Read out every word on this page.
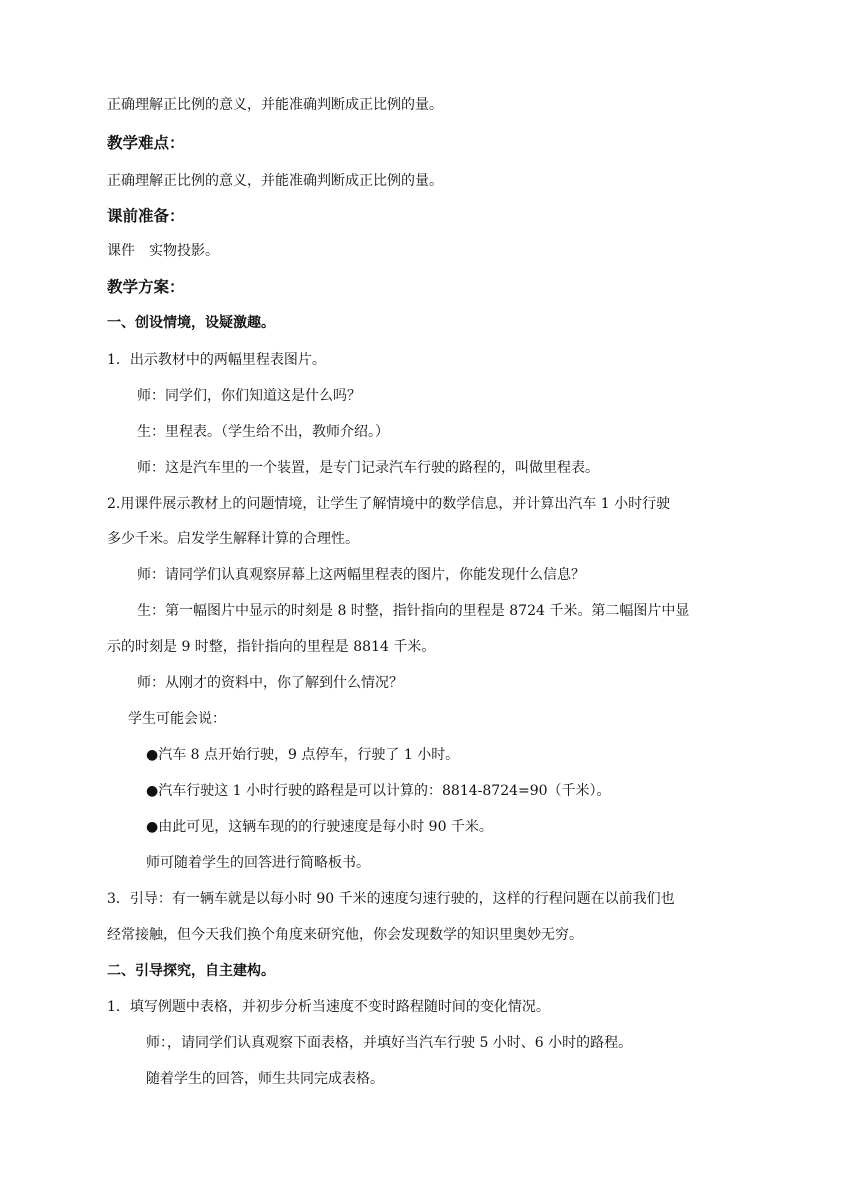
正确理解正比例的意义，并能准确判断成正比例的量。
教学难点：
正确理解正比例的意义，并能准确判断成正比例的量。
课前准备：
课件　实物投影。
教学方案：
一、创设情境，设疑激趣。
1．出示教材中的两幅里程表图片。
师：同学们，你们知道这是什么吗？
生：里程表。（学生给不出，教师介绍。）
师：这是汽车里的一个装置，是专门记录汽车行驶的路程的，叫做里程表。
2.用课件展示教材上的问题情境，让学生了解情境中的数学信息，并计算出汽车 1 小时行驶
多少千米。启发学生解释计算的合理性。
师：请同学们认真观察屏幕上这两幅里程表的图片，你能发现什么信息？
生：第一幅图片中显示的时刻是 8 时整，指针指向的里程是 8724 千米。第二幅图片中显
示的时刻是 9 时整，指针指向的里程是 8814 千米。
师：从刚才的资料中，你了解到什么情况？
学生可能会说：
●汽车 8 点开始行驶，9 点停车，行驶了 1 小时。
●汽车行驶这 1 小时行驶的路程是可以计算的：8814-8724=90（千米）。
●由此可见，这辆车现的的行驶速度是每小时 90 千米。
师可随着学生的回答进行简略板书。
3．引导：有一辆车就是以每小时 90 千米的速度匀速行驶的，这样的行程问题在以前我们也
经常接触，但今天我们换个角度来研究他，你会发现数学的知识里奥妙无穷。
二、引导探究，自主建构。
1．填写例题中表格，并初步分析当速度不变时路程随时间的变化情况。
师：，请同学们认真观察下面表格，并填好当汽车行驶 5 小时、6 小时的路程。
随着学生的回答，师生共同完成表格。
